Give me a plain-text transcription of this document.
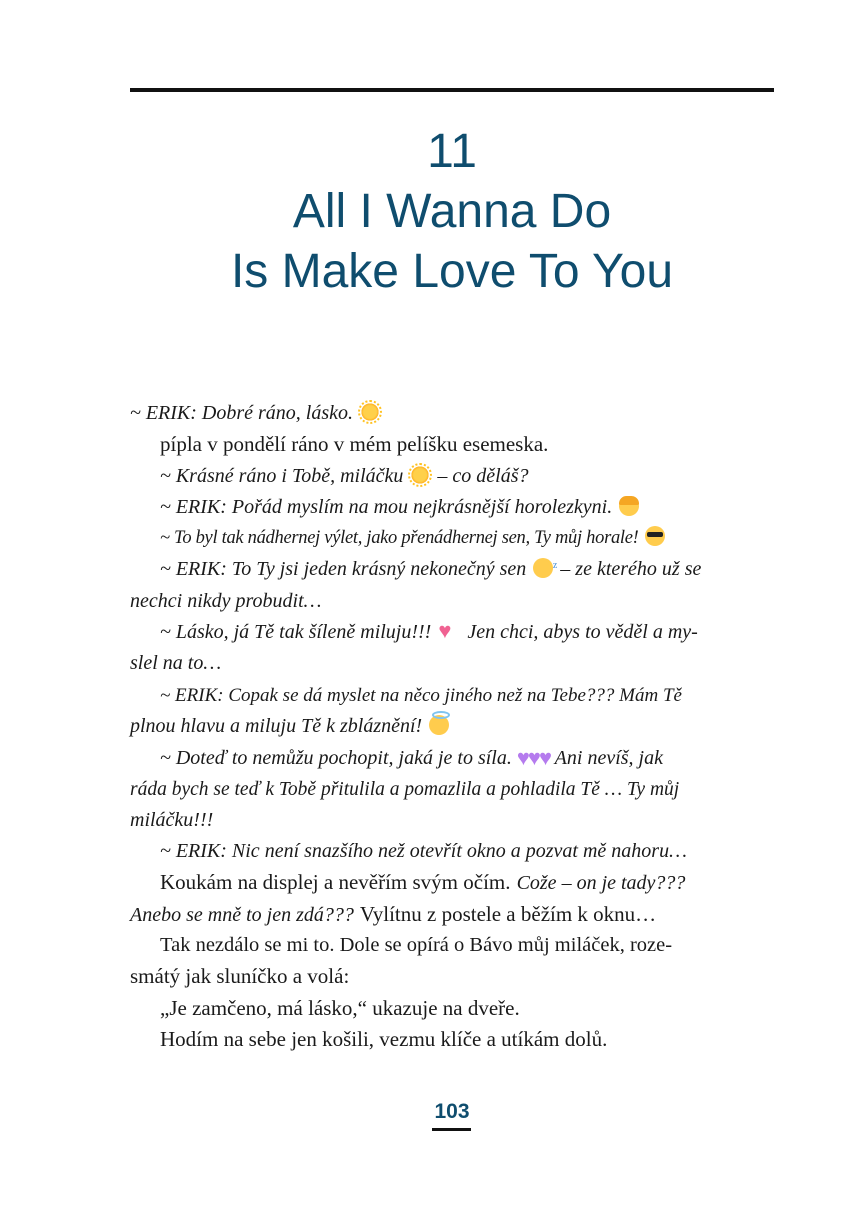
11
All I Wanna Do
Is Make Love To You
~ ERIK: Dobré ráno, lásko.
pípla v pondělí ráno v mém pelíšku esemeska.
~ Krásné ráno i Tobě, miláčku – co děláš?
~ ERIK: Pořád myslím na mou nejkrásnější horolezkyni.
~ To byl tak nádhernej výlet, jako přenádhernej sen, Ty můj horale!
~ ERIK: To Ty jsi jeden krásný nekonečný sen z – ze kterého už se
nechci nikdy probudit…
~ Lásko, já Tě tak šíleně miluju!!! ♥ Jen chci, abys to věděl a my-
slel na to…
~ ERIK: Copak se dá myslet na něco jiného než na Tebe??? Mám Tě
plnou hlavu a miluju Tě k zbláznění!
~ Doteď to nemůžu pochopit, jaká je to síla. ♥♥♥ Ani nevíš, jak
ráda bych se teď k Tobě přitulila a pomazlila a pohladila Tě … Ty můj
miláčku!!!
~ ERIK: Nic není snazšího než otevřít okno a pozvat mě nahoru…
Koukám na displej a nevěřím svým očím. Cože – on je tady???
Anebo se mně to jen zdá??? Vylítnu z postele a běžím k oknu…
Tak nezdálo se mi to. Dole se opírá o Bávo můj miláček, roze-
smátý jak sluníčko a volá:
„Je zamčeno, má lásko,“ ukazuje na dveře.
Hodím na sebe jen košili, vezmu klíče a utíkám dolů.
103
